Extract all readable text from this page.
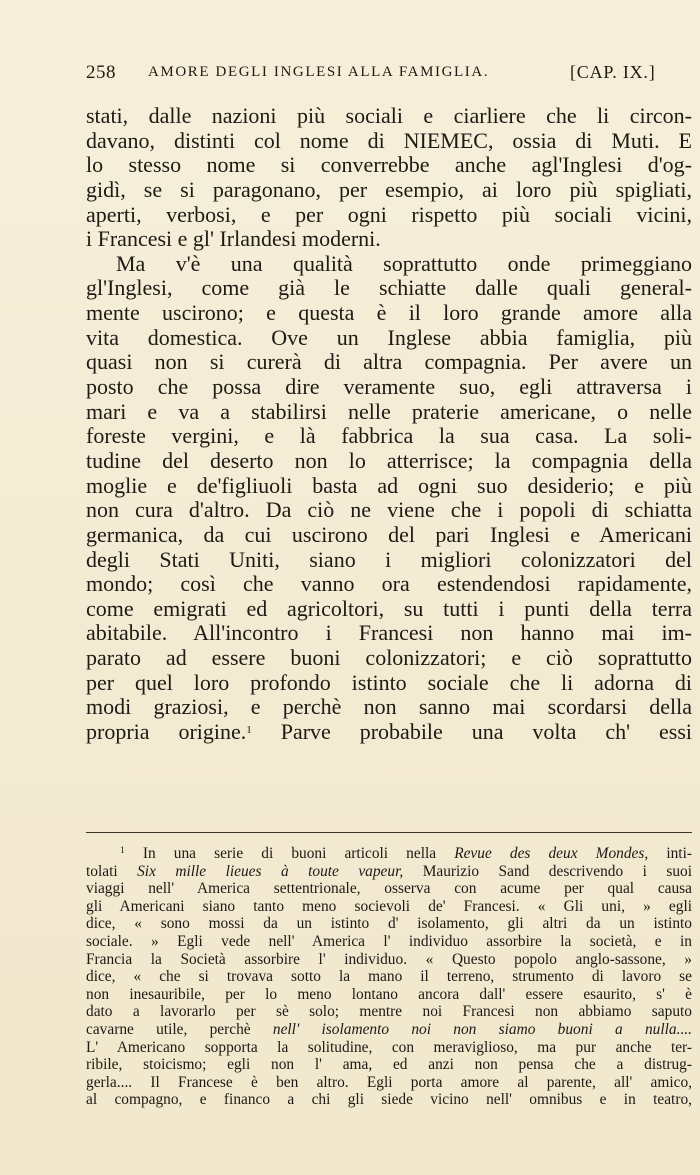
258 AMORE DEGLI INGLESI ALLA FAMIGLIA.	[CAP. IX.]
stati, dalle nazioni più sociali e ciarliere che li circon-
davano, distinti col nome di NIEMEC, ossia di Muti. E
lo stesso nome si converrebbe anche agl'Inglesi d'og-
gidì, se si paragonano, per esempio, ai loro più spigliati,
aperti, verbosi, e per ogni rispetto più sociali vicini,
i Francesi e gl' Irlandesi moderni.
Ma v'è una qualità soprattutto onde primeggiano
gl'Inglesi, come già le schiatte dalle quali general-
mente uscirono; e questa è il loro grande amore alla
vita domestica. Ove un Inglese abbia famiglia, più
quasi non si curerà di altra compagnia. Per avere un
posto che possa dire veramente suo, egli attraversa i
mari e va a stabilirsi nelle praterie americane, o nelle
foreste vergini, e là fabbrica la sua casa. La soli-
tudine del deserto non lo atterrisce; la compagnia della
moglie e de'figliuoli basta ad ogni suo desiderio; e più
non cura d'altro. Da ciò ne viene che i popoli di schiatta
germanica, da cui uscirono del pari Inglesi e Americani
degli Stati Uniti, siano i migliori colonizzatori del
mondo; così che vanno ora estendendosi rapidamente,
come emigrati ed agricoltori, su tutti i punti della terra
abitabile. All'incontro i Francesi non hanno mai im-
parato ad essere buoni colonizzatori; e ciò soprattutto
per quel loro profondo istinto sociale che li adorna di
modi graziosi, e perchè non sanno mai scordarsi della
propria origine.$^1$ Parve probabile una volta ch' essi
$^1$ In una serie di buoni articoli nella Revue des deux Mondes, inti-
tolati Six mille lieues à toute vapeur, Maurizio Sand descrivendo i suoi
viaggi nell' America settentrionale, osserva con acume per qual causa
gli Americani siano tanto meno socievoli de' Francesi. « Gli uni, » egli
dice, « sono mossi da un istinto d' isolamento, gli altri da un istinto
sociale. » Egli vede nell' America l' individuo assorbire la società, e in
Francia la Società assorbire l' individuo. « Questo popolo anglo-sassone, »
dice, « che si trovava sotto la mano il terreno, strumento di lavoro se
non inesauribile, per lo meno lontano ancora dall' essere esaurito, s' è
dato a lavorarlo per sè solo; mentre noi Francesi non abbiamo saputo
cavarne utile, perchè nell' isolamento noi non siamo buoni a nulla....
L' Americano sopporta la solitudine, con meraviglioso, ma pur anche ter-
ribile, stoicismo; egli non l' ama, ed anzi non pensa che a distrug-
gerla.... Il Francese è ben altro. Egli porta amore al parente, all' amico,
al compagno, e financo a chi gli siede vicino nell' omnibus e in teatro,
